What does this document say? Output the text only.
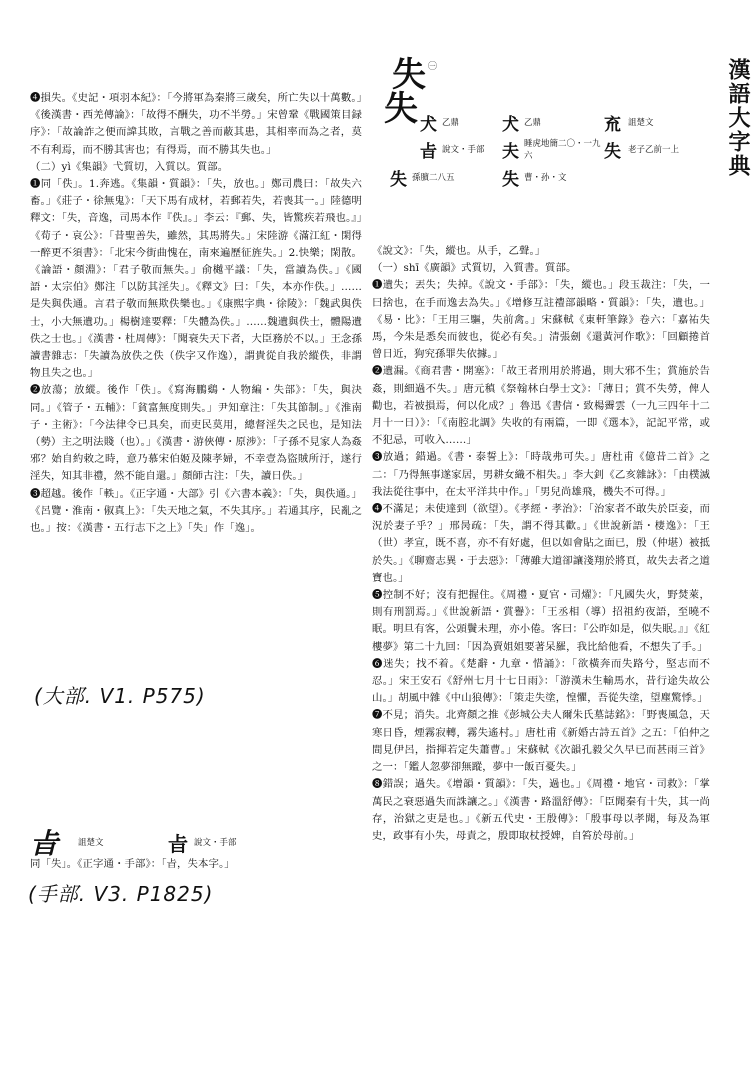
漢語大字典
失
失
㊀
犬 乙鼎	犬 乙鼎	㐬 詛楚文
㫖 說文・手部	夫 睡虎地簡二〇・一九六	失 老子乙前一上
失 孫臏二八五	失 曹・孙・文

❹損失。《史記・項羽本紀》：「今將軍為秦將三歲矣，所亡失以十萬數。」《後漢書・西羌傳論》：「故得不酬失，功不半勞。」宋曾鞏《戰國策目録序》：「故論詐之便而諱其敗，言戰之善而蔽其患，其相率而為之者，莫不有利焉，而不勝其害也；有得焉，而不勝其失也。」

（二）yì《集韻》弋質切，入質以。質部。

❶同「佚」。1.奔逃。《集韻・質韻》：「失，放也。」鄭司農曰：「故失六畜。」《莊子・徐無鬼》：「天下馬有成材，若郵若失，若喪其一。」陸德明釋文：「失，音逸，司馬本作『佚』。」李云：『郵、失，皆驚疾若飛也。』」《荀子・哀公》：「昔聖善失，雖然，其馬將失。」宋陸游《滿江紅・閑得一醉更不須書》：「北宋今街曲愧在，南來遍歷征旌失。」2.快樂；閑散。《論語・顏淵》：「君子敬而無失。」俞樾平議：「失，當讀為佚。」《國語・太宗伯》鄭注「以防其淫失」。《釋文》曰：「失，本亦作佚。」……是失與佚通。言君子敬而無欺佚樂也。」《康熙字典・徐陵》：「魏武與佚士，小大無遺功。」楊樹達要釋：「失體為佚。」……魏遺與佚士，體陽遺佚之士也。」《漢書・杜周傳》：「聞衰失天下者，大臣務於不以。」王念孫讀書雜志：「失讀為放佚之佚（佚字又作逸），謂貴從自我於縱佚，非謂物且失之也。」

❷放蕩；放縱。後作「佚」。《寫海鵬鷄・人物編・失部》：「失，與決同。」《管子・五輔》：「貧富無度則失。」尹知章注：「失其節制。」《淮南子・主術》：「今法律令已具矣，而吏民莫用，總督淫失之民也，是知法（勢）主之明法賤（也）。」《漢書・游俠傳・原涉》：「子孫不見家人為姦邪？始自約敕之時，意乃慕宋伯姬及陳孝婦，不幸壹為盜賊所汙，遂行淫失，知其非禮，然不能自還。」顏師古注：「失，讀日佚。」

❸超越。後作「軼」。《正字通・大部》引《六書本義》：「失，與佚通。」《呂覽・淮南・俶真上》：「失天地之氣，不失其序。」若通其序，民亂之也。」按：《漢書・五行志下之上》「失」作「逸」。

(大部. V1. P575)
㫖	詛楚文	㫖 說文・手部

同「失」。《正字通・手部》：「㫖，失本字。」

(手部. V3. P1825)

《說文》：「失，縱也。从手，乙聲。」

（一）shī《廣韻》式質切，入質書。質部。

❶遺失；丟失；失掉。《說文・手部》：「失，縱也。」段玉裁注：「失，一曰捨也，在手而逸去為失。」《增修互註禮部韻略・質韻》：「失，遺也。」《易・比》：「王用三驅，失前禽。」宋蘇軾《東軒筆錄》卷六：「嘉祐失馬，今朱是悉矣而彼也，從必有矣。」清張劍《還黃河作歌》：「回顧捲首曾日近，狗究孫罪失依據。」

❷遺漏。《商君書・開塞》：「故王者刑用於將過，則大邪不生；賞施於告姦，則細過不失。」唐元稹《祭翰林白學士文》：「薄日；賞不失勞，俾人勸也，若被損焉，何以化成？」魯迅《書信・致楊霽雲（一九三四年十二月十一日）》：「《南腔北調》失收的有兩篇，一即《選本》，記記平常，或不犯忌，可收入……」

❸放過；錯過。《書・泰誓上》：「時哉弗可失。」唐杜甫《億昔二首》之二：「乃得無事遂家居，男耕女織不相失。」李大釗《乙亥雜詠》：「由樸滅我法從往事中，在太平洋共中作。」「男兒尚雄飛，機失不可得。」

❹不滿足；未使達到（欲望）。《孝經・孝治》：「治家者不敢失於臣妾，而況於妻子乎？」邢昺疏：「失，謂不得其歡。」《世說新語・棲逸》：「王（世）孝宣，既不喜，亦不有好處，但以如會貼之面已，殷（仲堪）被抵於失。」《聊齋志異・于去惡》：「薄雖大道卻讓淺翔於將頁，故失去者之道寶也。」

❺控制不好；沒有把握住。《周禮・夏官・司燿》：「凡國失火，野焚萊，則有刑罰焉。」《世說新語・賞譽》：「王丞相（導）招祖約夜語，至曉不眠。明旦有客，公頭鬢未理，亦小倦。客曰：『公昨如是，似失眠。』」《紅樓夢》第二十九回：「因為賣姐姐要著呆羅，我比給他看，不想失了手。」

❻迷失；找不着。《楚辭・九章・惜誦》：「欲橫奔而失路兮，堅志而不忍。」宋王安石《舒州七月十七日雨》：「游漢未生輸馬水，昔行途失故公山。」胡風中雜《中山狼傳》：「策走失塗，惶懼，吾從失塗，望塵驚悸。」

❼不見；消失。北齊顏之推《彭城公夫人爾朱氏墓誌銘》：「野喪風急，天寒日昏，煙霧寂轉，霧失遙村。」唐杜甫《新婚古詩五首》之五：「伯仲之間見伊呂，指揮若定失蕭曹。」宋蘇軾《次韻孔毅父久早已而甚雨三首》之一：「鑑人忽夢卻無蹤，夢中一飯百憂失。」

❽錯誤；過失。《增韻・質韻》：「失，過也。」《周禮・地官・司救》：「掌萬民之衰惡過失而誅讓之。」《漢書・路溫舒傳》：「臣聞秦有十失，其一尚存，治獄之吏是也。」《新五代史・王殷傳》：「殷事母以孝聞，每及為軍史，政事有小失，母責之，殷即取杖授婢，自笞於母前。」
